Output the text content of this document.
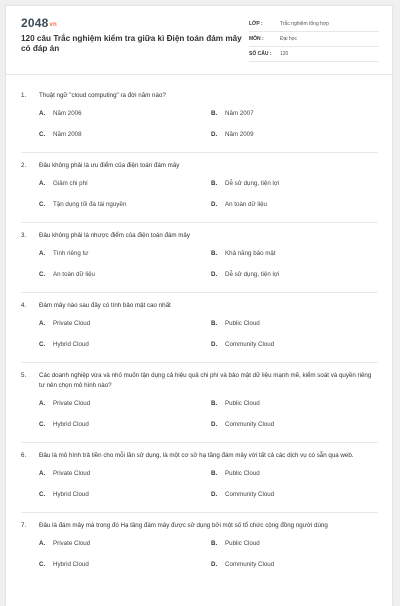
2048vn
120 câu Trắc nghiệm kiểm tra giữa kì Điện toán đám mây có đáp án
LỚP :	Trắc nghiệm tổng hợp
MÔN :	Đại học
SỐ CÂU :	120
1.	Thuật ngữ "cloud computing" ra đời năm nào?
A.	Năm 2006	B.	Năm 2007
C.	Năm 2008	D.	Năm 2009
2.	Đâu không phải là ưu điểm của điện toán đám mây
A.	Giảm chi phí	B.	Dễ sử dụng, tiện lợi
C.	Tận dụng tối đa tài nguyên	D.	An toàn dữ liệu
3.	Đâu không phải là nhược điểm của điện toán đám mây
A.	Tính riêng tư	B.	Khả năng bảo mật
C.	An toàn dữ liệu	D.	Dễ sử dụng, tiện lợi
4.	Đám mây nào sau đây có tính bảo mật cao nhất
A.	Private Cloud	B.	Public Cloud
C.	Hybrid Cloud	D.	Community Cloud
5.	Các doanh nghiệp vừa và nhỏ muốn tận dụng cả hiệu quả chi phí và bảo mật dữ liệu mạnh mẽ, kiểm soát và quyền riêng tư nên chọn mô hình nào?
A.	Private Cloud	B.	Public Cloud
C.	Hybrid Cloud	D.	Community Cloud
6.	Đâu là mô hình trả tiền cho mỗi lần sử dụng, là một cơ sở hạ tầng đám mây với tất cả các dịch vụ có sẵn qua web.
A.	Private Cloud	B.	Public Cloud
C.	Hybrid Cloud	D.	Community Cloud
7.	Đâu là đám mây mà trong đó Hạ tầng đám mây được sử dụng bởi một số tổ chức cộng đồng người dùng
A.	Private Cloud	B.	Public Cloud
C.	Hybrid Cloud	D.	Community Cloud
